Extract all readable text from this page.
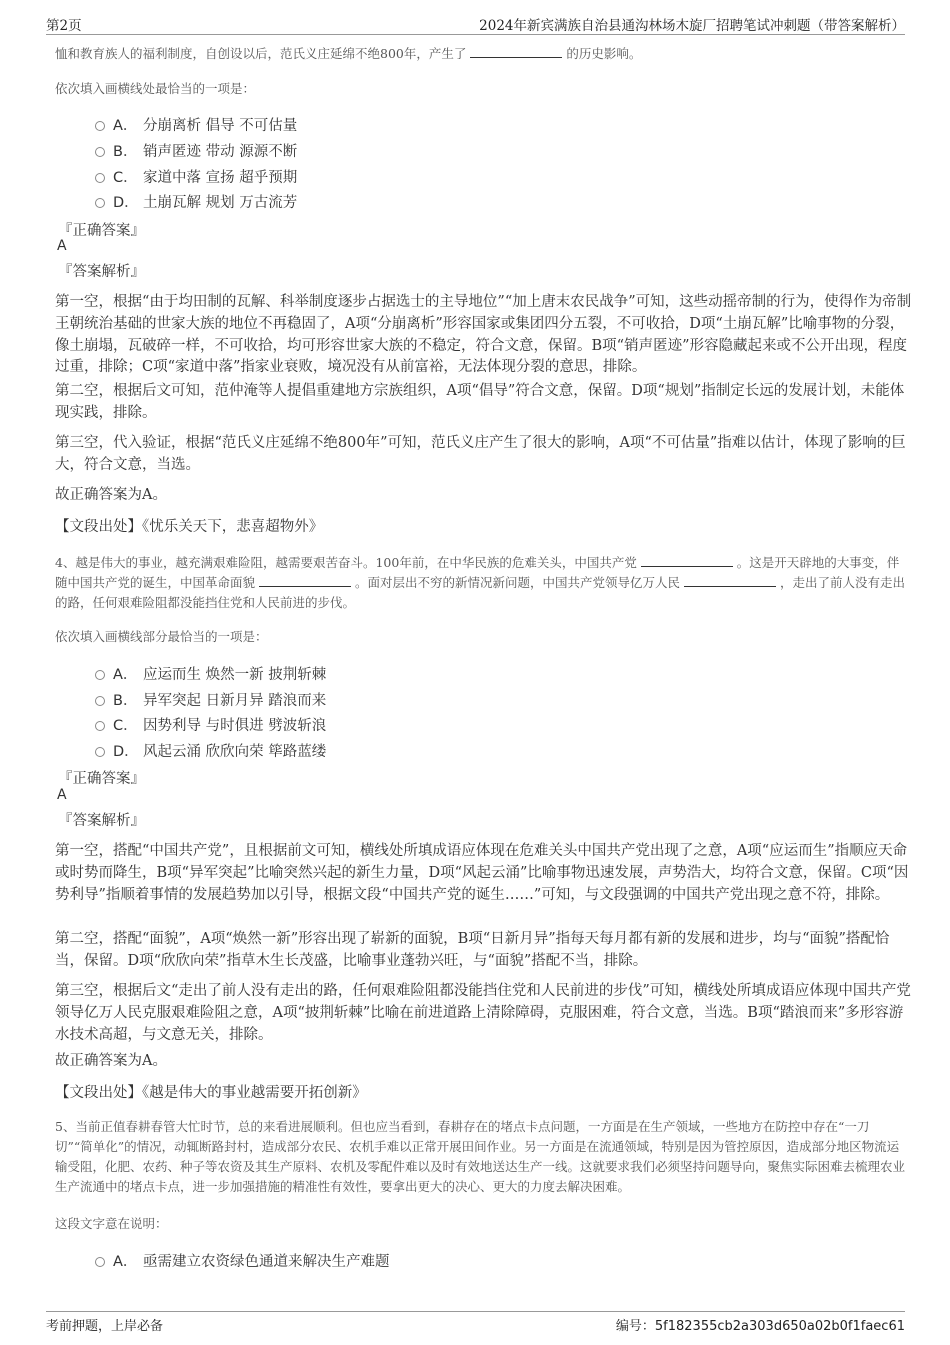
第2页	2024年新宾满族自治县通沟林场木旋厂招聘笔试冲刺题（带答案解析）
恤和教育族人的福利制度，自创设以后，范氏义庄延绵不绝800年，产生了	的历史影响。
依次填入画横线处最恰当的一项是：
A． 分崩离析 倡导 不可估量
B． 销声匿迹 带动 源源不断
C． 家道中落 宣扬 超乎预期
D． 土崩瓦解 规划 万古流芳
『正确答案』
A
『答案解析』
第一空，根据“由于均田制的瓦解、科举制度逐步占据选士的主导地位”“加上唐末农民战争”可知，这些动摇帝制的行为，使得作为帝制王朝统治基础的世家大族的地位不再稳固了，A项“分崩离析”形容国家或集团四分五裂，不可收拾，D项“土崩瓦解”比喻事物的分裂，像土崩塌，瓦破碎一样，不可收拾，均可形容世家大族的不稳定，符合文意，保留。B项“销声匿迹”形容隐藏起来或不公开出现，程度过重，排除；C项“家道中落”指家业衰败，境况没有从前富裕，无法体现分裂的意思，排除。
第二空，根据后文可知，范仲淹等人提倡重建地方宗族组织，A项“倡导”符合文意，保留。D项“规划”指制定长远的发展计划，未能体现实践，排除。
第三空，代入验证，根据“范氏义庄延绵不绝800年”可知，范氏义庄产生了很大的影响，A项“不可估量”指难以估计，体现了影响的巨大，符合文意，当选。
故正确答案为A。
【文段出处】《忧乐关天下，悲喜超物外》
4、越是伟大的事业，越充满艰难险阻，越需要艰苦奋斗。100年前，在中华民族的危难关头，中国共产党	。这是开天辟地的大事变，伴随中国共产党的诞生，中国革命面貌	。面对层出不穷的新情况新问题，中国共产党领导亿万人民	，走出了前人没有走出的路，任何艰难险阻都没能挡住党和人民前进的步伐。
依次填入画横线部分最恰当的一项是：
A． 应运而生 焕然一新 披荆斩棘
B． 异军突起 日新月异 踏浪而来
C． 因势利导 与时俱进 劈波斩浪
D． 风起云涌 欣欣向荣 筚路蓝缕
『正确答案』
A
『答案解析』
第一空，搭配“中国共产党”，且根据前文可知，横线处所填成语应体现在危难关头中国共产党出现了之意，A项“应运而生”指顺应天命或时势而降生，B项“异军突起”比喻突然兴起的新生力量，D项“风起云涌”比喻事物迅速发展，声势浩大，均符合文意，保留。C项“因势利导”指顺着事情的发展趋势加以引导，根据文段“中国共产党的诞生……”可知，与文段强调的中国共产党出现之意不符，排除。
第二空，搭配“面貌”，A项“焕然一新”形容出现了崭新的面貌，B项“日新月异”指每天每月都有新的发展和进步，均与“面貌”搭配恰当，保留。D项“欣欣向荣”指草木生长茂盛，比喻事业蓬勃兴旺，与“面貌”搭配不当，排除。
第三空，根据后文“走出了前人没有走出的路，任何艰难险阻都没能挡住党和人民前进的步伐”可知，横线处所填成语应体现中国共产党领导亿万人民克服艰难险阻之意，A项“披荆斩棘”比喻在前进道路上清除障碍，克服困难，符合文意，当选。B项“踏浪而来”多形容游水技术高超，与文意无关，排除。
故正确答案为A。
【文段出处】《越是伟大的事业越需要开拓创新》
5、当前正值春耕春管大忙时节，总的来看进展顺利。但也应当看到，春耕存在的堵点卡点问题，一方面是在生产领域，一些地方在防控中存在“一刀切”“简单化”的情况，动辄断路封村，造成部分农民、农机手难以正常开展田间作业。另一方面是在流通领域，特别是因为管控原因，造成部分地区物流运输受阻，化肥、农药、种子等农资及其生产原料、农机及零配件难以及时有效地送达生产一线。这就要求我们必须坚持问题导向，聚焦实际困难去梳理农业生产流通中的堵点卡点，进一步加强措施的精准性有效性，要拿出更大的决心、更大的力度去解决困难。
这段文字意在说明：
A． 亟需建立农资绿色通道来解决生产难题
考前押题，上岸必备	编号：5f182355cb2a303d650a02b0f1faec61
